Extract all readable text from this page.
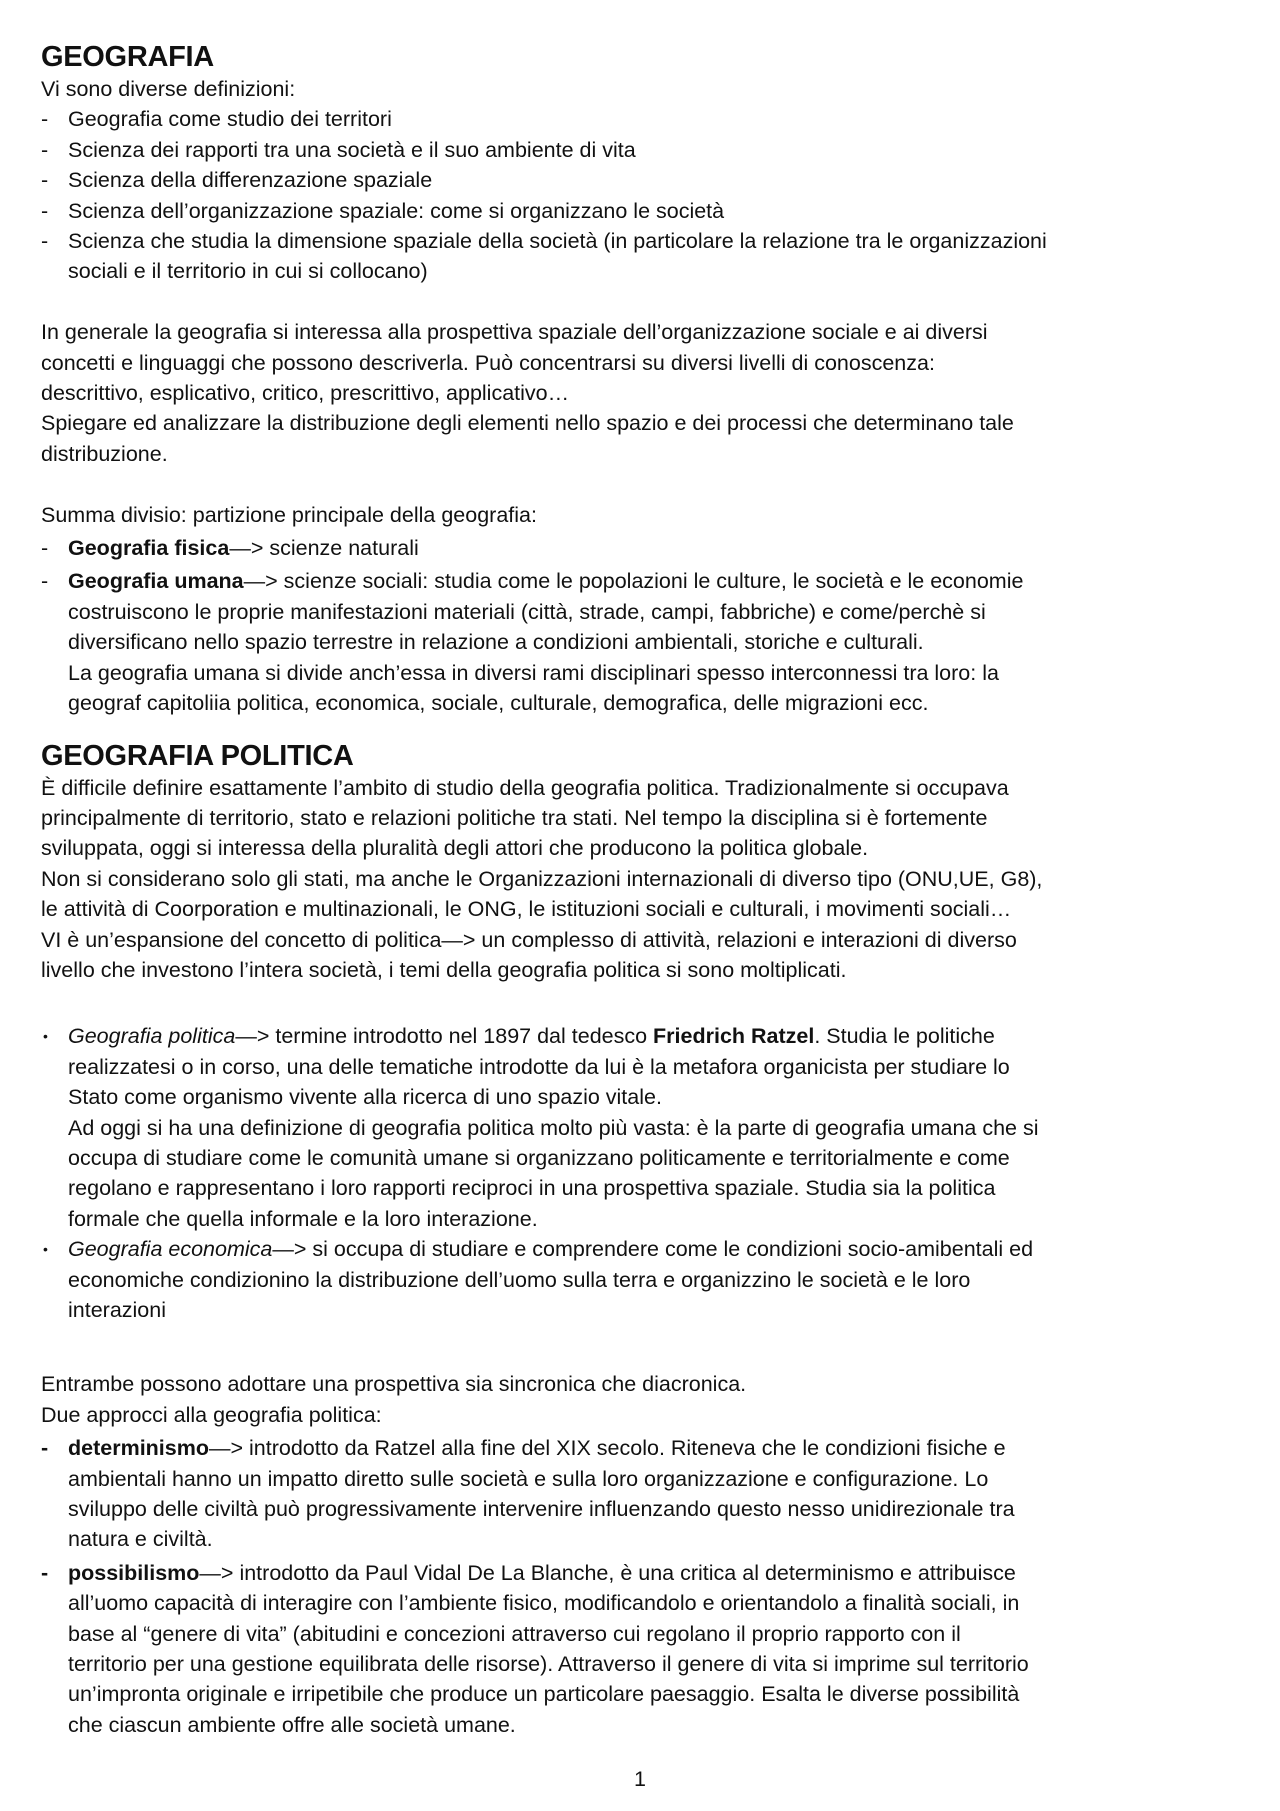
GEOGRAFIA
Vi sono diverse definizioni:
- Geografia come studio dei territori
- Scienza dei rapporti tra una società e il suo ambiente di vita
- Scienza della differenzazione spaziale
- Scienza dell’organizzazione spaziale: come si organizzano le società
- Scienza che studia la dimensione spaziale della società (in particolare la relazione tra le organizzazioni
sociali e il territorio in cui si collocano)
In generale la geografia si interessa alla prospettiva spaziale dell’organizzazione sociale e ai diversi
concetti e linguaggi che possono descriverla. Può concentrarsi su diversi livelli di conoscenza:
descrittivo, esplicativo, critico, prescrittivo, applicativo…
Spiegare ed analizzare la distribuzione degli elementi nello spazio e dei processi che determinano tale
distribuzione.
Summa divisio: partizione principale della geografia:
- Geografia fisica—> scienze naturali
- Geografia umana—> scienze sociali: studia come le popolazioni le culture, le società e le economie
costruiscono le proprie manifestazioni materiali (città, strade, campi, fabbriche) e come/perchè si
diversificano nello spazio terrestre in relazione a condizioni ambientali, storiche e culturali.
La geografia umana si divide anch’essa in diversi rami disciplinari spesso interconnessi tra loro: la
geograf capitoliia politica, economica, sociale, culturale, demografica, delle migrazioni ecc.
GEOGRAFIA POLITICA
È difficile definire esattamente l’ambito di studio della geografia politica. Tradizionalmente si occupava
principalmente di territorio, stato e relazioni politiche tra stati. Nel tempo la disciplina si è fortemente
sviluppata, oggi si interessa della pluralità degli attori che producono la politica globale.
Non si considerano solo gli stati, ma anche le Organizzazioni internazionali di diverso tipo (ONU,UE, G8),
le attività di Coorporation e multinazionali, le ONG, le istituzioni sociali e culturali, i movimenti sociali…
VI è un’espansione del concetto di politica—> un complesso di attività, relazioni e interazioni di diverso
livello che investono l’intera società, i temi della geografia politica si sono moltiplicati.
• Geografia politica—> termine introdotto nel 1897 dal tedesco Friedrich Ratzel. Studia le politiche
realizzatesi o in corso, una delle tematiche introdotte da lui è la metafora organicista per studiare lo
Stato come organismo vivente alla ricerca di uno spazio vitale.
Ad oggi si ha una definizione di geografia politica molto più vasta: è la parte di geografia umana che si
occupa di studiare come le comunità umane si organizzano politicamente e territorialmente e come
regolano e rappresentano i loro rapporti reciproci in una prospettiva spaziale. Studia sia la politica
formale che quella informale e la loro interazione.
• Geografia economica—> si occupa di studiare e comprendere come le condizioni socio-amibentali ed
economiche condizionino la distribuzione dell’uomo sulla terra e organizzino le società e le loro
interazioni
Entrambe possono adottare una prospettiva sia sincronica che diacronica.
Due approcci alla geografia politica:
- determinismo—> introdotto da Ratzel alla fine del XIX secolo. Riteneva che le condizioni fisiche e
ambientali hanno un impatto diretto sulle società e sulla loro organizzazione e configurazione. Lo
sviluppo delle civiltà può progressivamente intervenire influenzando questo nesso unidirezionale tra
natura e civiltà.
- possibilismo—> introdotto da Paul Vidal De La Blanche, è una critica al determinismo e attribuisce
all’uomo capacità di interagire con l’ambiente fisico, modificandolo e orientandolo a finalità sociali, in
base al “genere di vita” (abitudini e concezioni attraverso cui regolano il proprio rapporto con il
territorio per una gestione equilibrata delle risorse). Attraverso il genere di vita si imprime sul territorio
un’impronta originale e irripetibile che produce un particolare paesaggio. Esalta le diverse possibilità
che ciascun ambiente offre alle società umane.
1
